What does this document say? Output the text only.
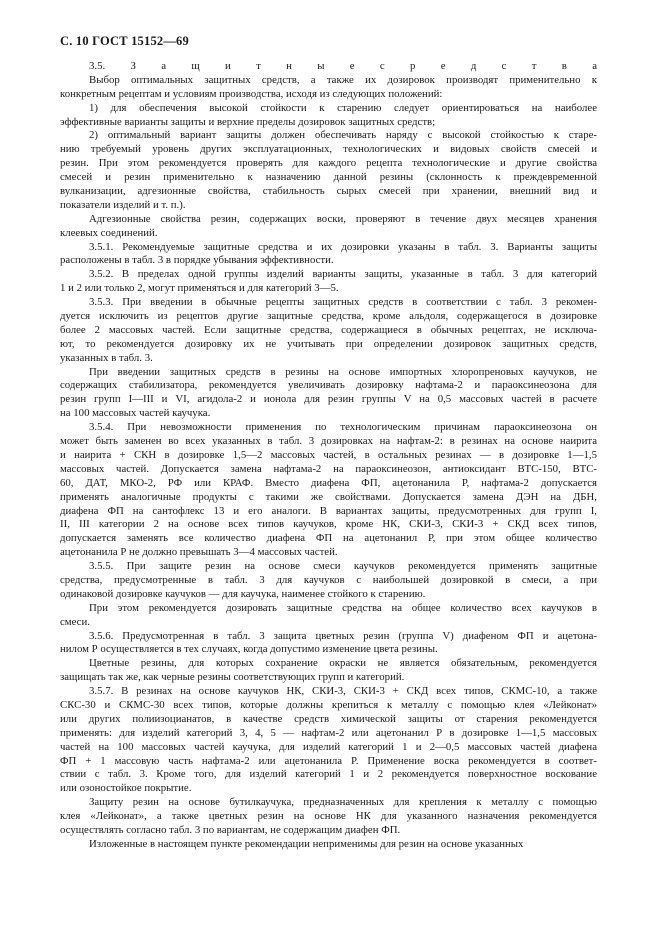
С. 10 ГОСТ 15152—69
3.5. З а щ и т н ы е с р е д с т в а
Выбор оптимальных защитных средств, а также их дозировок производят применительно к
конкретным рецептам и условиям производства, исходя из следующих положений:
1) для обеспечения высокой стойкости к старению следует ориентироваться на наиболее
эффективные варианты защиты и верхние пределы дозировок защитных средств;
2) оптимальный вариант защиты должен обеспечивать наряду с высокой стойкостью к старе-
нию требуемый уровень других эксплуатационных, технологических и видовых свойств смесей и
резин. При этом рекомендуется проверять для каждого рецепта технологические и другие свойства
смесей и резин применительно к назначению данной резины (склонность к преждевременной
вулканизации, адгезионные свойства, стабильность сырых смесей при хранении, внешний вид и
показатели изделий и т. п.).
Адгезионные свойства резин, содержащих воски, проверяют в течение двух месяцев хранения
клеевых соединений.
3.5.1. Рекомендуемые защитные средства и их дозировки указаны в табл. 3. Варианты защиты
расположены в табл. 3 в порядке убывания эффективности.
3.5.2. В пределах одной группы изделий варианты защиты, указанные в табл. 3 для категорий
1 и 2 или только 2, могут применяться и для категорий 3—5.
3.5.3. При введении в обычные рецепты защитных средств в соответствии с табл. 3 рекомен-
дуется исключить из рецептов другие защитные средства, кроме альдоля, содержащегося в дозировке
более 2 массовых частей. Если защитные средства, содержащиеся в обычных рецептах, не исключа-
ют, то рекомендуется дозировку их не учитывать при определении дозировок защитных средств,
указанных в табл. 3.
При введении защитных средств в резины на основе импортных хлоропреновых каучуков, не
содержащих стабилизатора, рекомендуется увеличивать дозировку нафтама-2 и параоксинеозона для
резин групп I—III и VI, агидола-2 и ионола для резин группы V на 0,5 массовых частей в расчете
на 100 массовых частей каучука.
3.5.4. При невозможности применения по технологическим причинам параоксинеозона он
может быть заменен во всех указанных в табл. 3 дозировках на нафтам-2: в резинах на основе наирита
и наирита + СКН в дозировке 1,5—2 массовых частей, в остальных резинах — в дозировке 1—1,5
массовых частей. Допускается замена нафтама-2 на параоксинеозон, антиоксидант ВТС-150, ВТС-
60, ДАТ, МКО-2, РФ или КРАФ. Вместо диафена ФП, ацетонанила Р, нафтама-2 допускается
применять аналогичные продукты с такими же свойствами. Допускается замена ДЭН на ДБН,
диафена ФП на сантофлекс 13 и его аналоги. В вариантах защиты, предусмотренных для групп I,
II, III категории 2 на основе всех типов каучуков, кроме НК, СКИ-3, СКИ-3 + СКД всех типов,
допускается заменять все количество диафена ФП на ацетонанил Р, при этом общее количество
ацетонанила Р не должно превышать 3—4 массовых частей.
3.5.5. При защите резин на основе смеси каучуков рекомендуется применять защитные
средства, предусмотренные в табл. 3 для каучуков с наибольшей дозировкой в смеси, а при
одинаковой дозировке каучуков — для каучука, наименее стойкого к старению.
При этом рекомендуется дозировать защитные средства на общее количество всех каучуков в
смеси.
3.5.6. Предусмотренная в табл. 3 защита цветных резин (группа V) диафеном ФП и ацетона-
нилом Р осуществляется в тех случаях, когда допустимо изменение цвета резины.
Цветные резины, для которых сохранение окраски не является обязательным, рекомендуется
защищать так же, как черные резины соответствующих групп и категорий.
3.5.7. В резинах на основе каучуков НК, СКИ-3, СКИ-3 + СКД всех типов, СКМС-10, а также
СКС-30 и СКМС-30 всех типов, которые должны крепиться к металлу с помощью клея «Лейконат»
или других полиизоцианатов, в качестве средств химической защиты от старения рекомендуется
применять: для изделий категорий 3, 4, 5 — нафтам-2 или ацетонанил Р в дозировке 1—1,5 массовых
частей на 100 массовых частей каучука, для изделий категорий 1 и 2—0,5 массовых частей диафена
ФП + 1 массовую часть нафтама-2 или ацетонанила Р. Применение воска рекомендуется в соответ-
ствии с табл. 3. Кроме того, для изделий категорий 1 и 2 рекомендуется поверхностное воскование
или озоностойкое покрытие.
Защиту резин на основе бутилкаучука, предназначенных для крепления к металлу с помощью
клея «Лейконат», а также цветных резин на основе НК для указанного назначения рекомендуется
осуществлять согласно табл. 3 по вариантам, не содержащим диафен ФП.
Изложенные в настоящем пункте рекомендации неприменимы для резин на основе указанных
